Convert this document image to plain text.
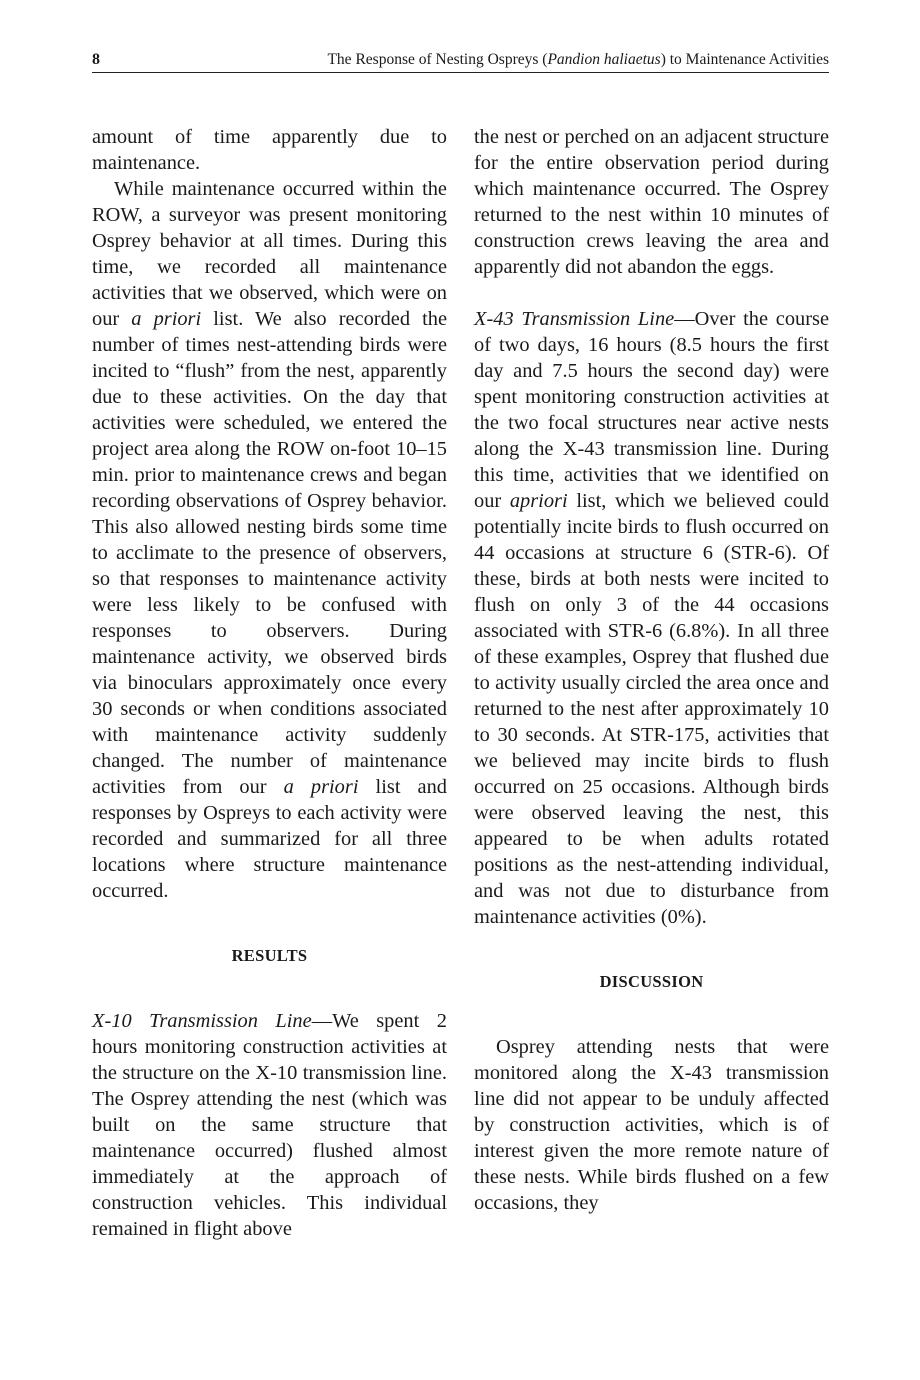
8	The Response of Nesting Ospreys (Pandion haliaetus) to Maintenance Activities

amount of time apparently due to maintenance.

While maintenance occurred within the ROW, a surveyor was present monitoring Osprey behavior at all times. During this time, we recorded all maintenance activities that we observed, which were on our a priori list. We also recorded the number of times nest-attending birds were incited to “flush” from the nest, apparently due to these activities. On the day that activities were scheduled, we entered the project area along the ROW on-foot 10–15 min. prior to maintenance crews and began recording observations of Osprey behavior. This also allowed nesting birds some time to acclimate to the presence of observers, so that responses to maintenance activity were less likely to be confused with responses to observers. During maintenance activity, we observed birds via binoculars approximately once every 30 seconds or when conditions associated with maintenance activity suddenly changed. The number of maintenance activities from our a priori list and responses by Ospreys to each activity were recorded and summarized for all three locations where structure maintenance occurred.

RESULTS

X-10 Transmission Line—We spent 2 hours monitoring construction activities at the structure on the X-10 transmission line. The Osprey attending the nest (which was built on the same structure that maintenance occurred) flushed almost immediately at the approach of construction vehicles. This individual remained in flight above

the nest or perched on an adjacent structure for the entire observation period during which maintenance occurred. The Osprey returned to the nest within 10 minutes of construction crews leaving the area and apparently did not abandon the eggs.

X-43 Transmission Line—Over the course of two days, 16 hours (8.5 hours the first day and 7.5 hours the second day) were spent monitoring construction activities at the two focal structures near active nests along the X-43 transmission line. During this time, activities that we identified on our apriori list, which we believed could potentially incite birds to flush occurred on 44 occasions at structure 6 (STR-6). Of these, birds at both nests were incited to flush on only 3 of the 44 occasions associated with STR-6 (6.8%). In all three of these examples, Osprey that flushed due to activity usually circled the area once and returned to the nest after approximately 10 to 30 seconds. At STR-175, activities that we believed may incite birds to flush occurred on 25 occasions. Although birds were observed leaving the nest, this appeared to be when adults rotated positions as the nest-attending individual, and was not due to disturbance from maintenance activities (0%).

DISCUSSION

Osprey attending nests that were monitored along the X-43 transmission line did not appear to be unduly affected by construction activities, which is of interest given the more remote nature of these nests. While birds flushed on a few occasions, they
